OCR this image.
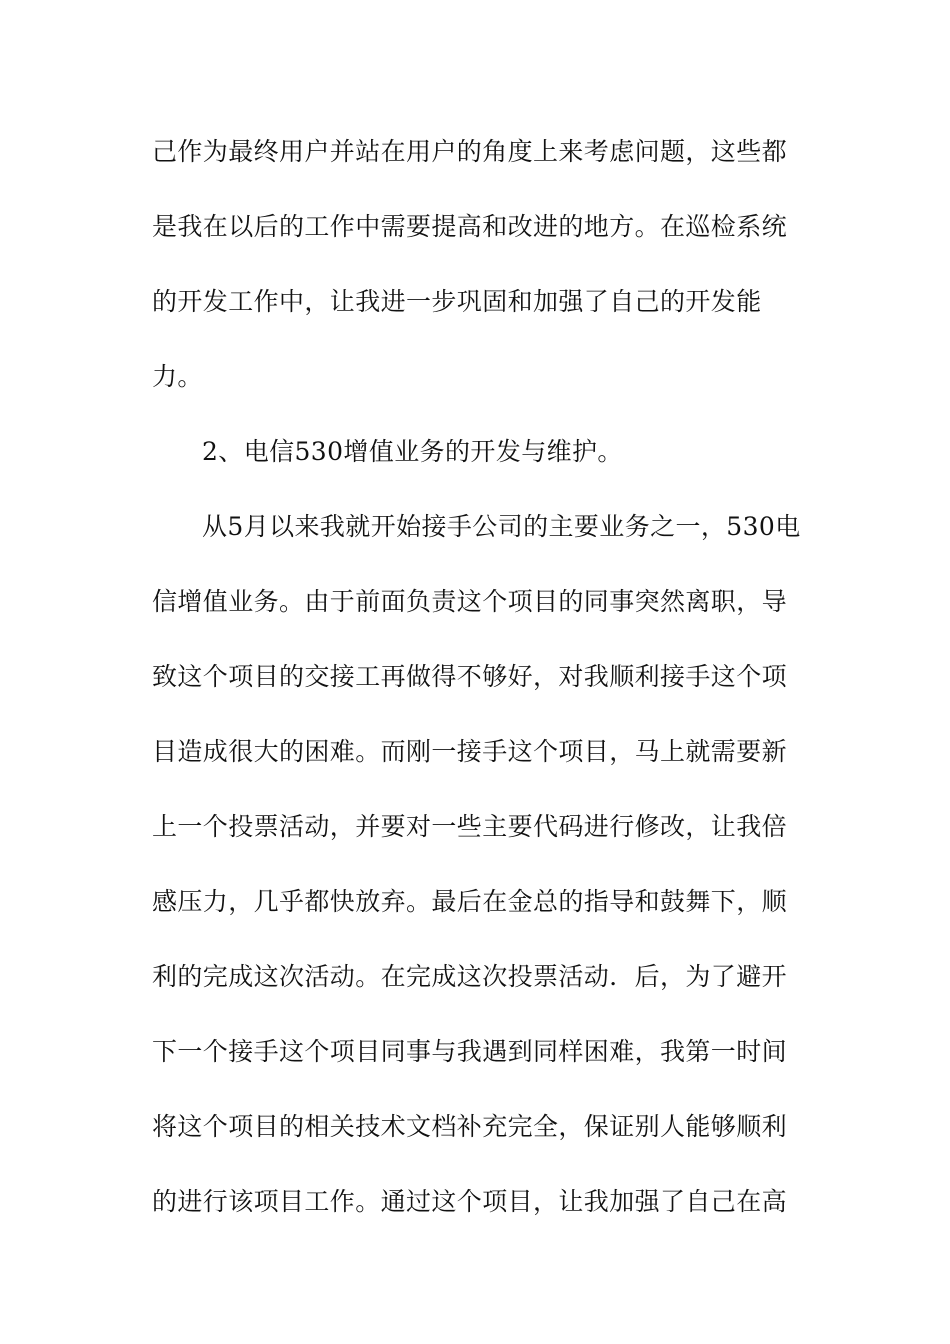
己作为最终用户并站在用户的角度上来考虑问题，这些都
是我在以后的工作中需要提高和改进的地方。在巡检系统
的开发工作中，让我进一步巩固和加强了自己的开发能
力。
2、电信530增值业务的开发与维护。
从5月以来我就开始接手公司的主要业务之一，530电
信增值业务。由于前面负责这个项目的同事突然离职，导
致这个项目的交接工再做得不够好，对我顺利接手这个项
目造成很大的困难。而刚一接手这个项目，马上就需要新
上一个投票活动，并要对一些主要代码进行修改，让我倍
感压力，几乎都快放弃。最后在金总的指导和鼓舞下，顺
利的完成这次活动。在完成这次投票活动．后，为了避开
下一个接手这个项目同事与我遇到同样困难，我第一时间
将这个项目的相关技术文档补充完全，保证别人能够顺利
的进行该项目工作。通过这个项目，让我加强了自己在高
